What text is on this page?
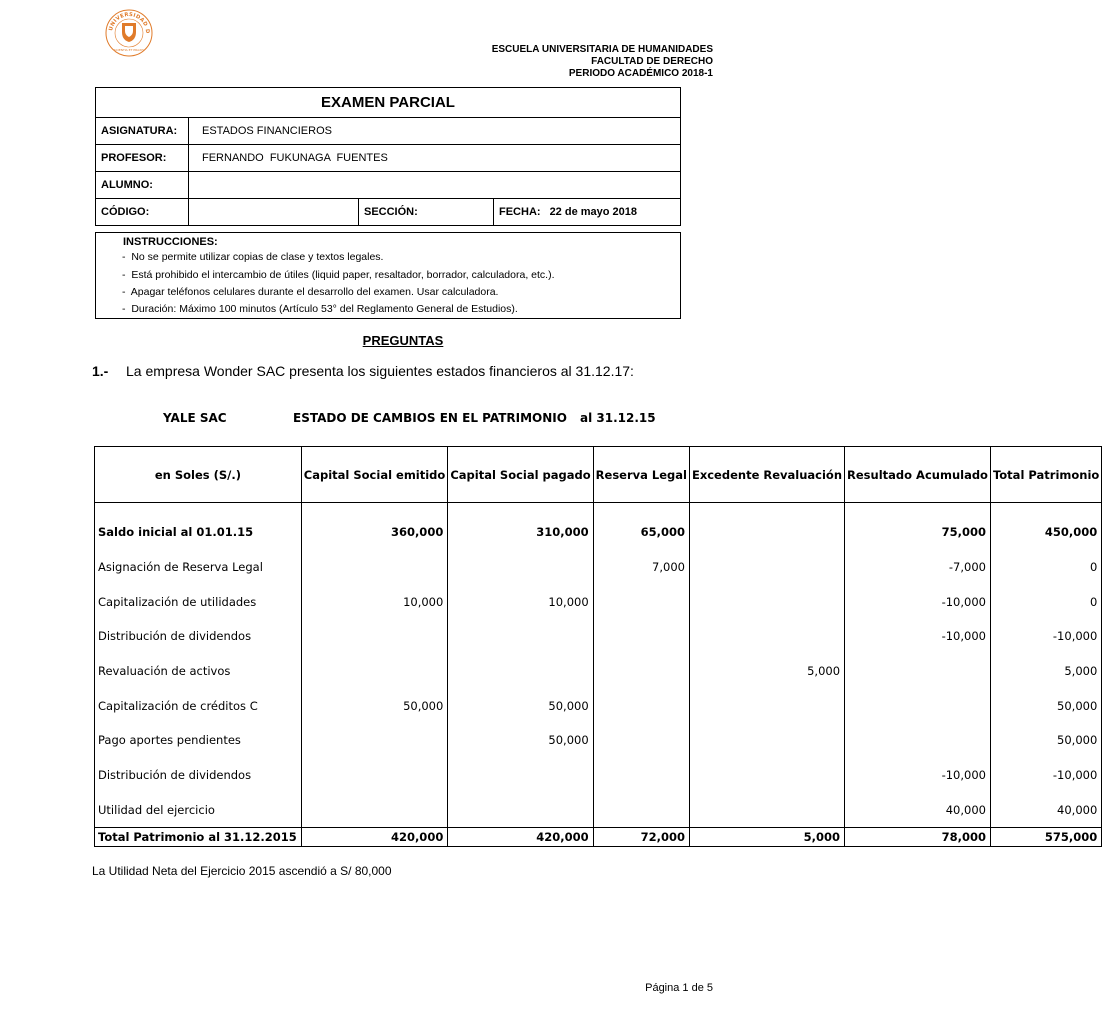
UNIVERSIDAD D
SCIENTIA ET PRAXIS	ESCUELA UNIVERSITARIA DE HUMANIDADES
FACULTAD DE DERECHO
PERIODO ACADÉMICO 2018-1
EXAMEN PARCIAL
ASIGNATURA:	ESTADOS FINANCIEROS
PROFESOR:	FERNANDO  FUKUNAGA  FUENTES
ALUMNO:
CÓDIGO:	SECCIÓN:	FECHA: 22 de mayo 2018
INSTRUCCIONES:
-  No se permite utilizar copias de clase y textos legales.
-  Está prohibido el intercambio de útiles (liquid paper, resaltador, borrador, calculadora, etc.).
-  Apagar teléfonos celulares durante el desarrollo del examen. Usar calculadora.
-  Duración: Máximo 100 minutos (Artículo 53° del Reglamento General de Estudios).
PREGUNTAS
1.- La empresa Wonder SAC presenta los siguientes estados financieros al 31.12.17:
YALE SAC	ESTADO DE CAMBIOS EN EL PATRIMONIO al 31.12.15
en Soles (S/.)	Capital Social emitido	Capital Social pagado	Reserva Legal	Excedente Revaluación	Resultado Acumulado	Total Patrimonio

Saldo inicial al 01.01.15	360,000	310,000	65,000		75,000	450,000
Asignación de Reserva Legal			7,000		-7,000	0
Capitalización de utilidades	10,000	10,000			-10,000	0
Distribución de dividendos					-10,000	-10,000
Revaluación de activos				5,000		5,000
Capitalización de créditos C	50,000	50,000				50,000
Pago aportes pendientes		50,000				50,000
Distribución de dividendos					-10,000	-10,000
Utilidad del ejercicio					40,000	40,000
Total Patrimonio al 31.12.2015	420,000	420,000	72,000	5,000	78,000	575,000
La Utilidad Neta del Ejercicio 2015 ascendió a S/ 80,000
Página 1 de 5
